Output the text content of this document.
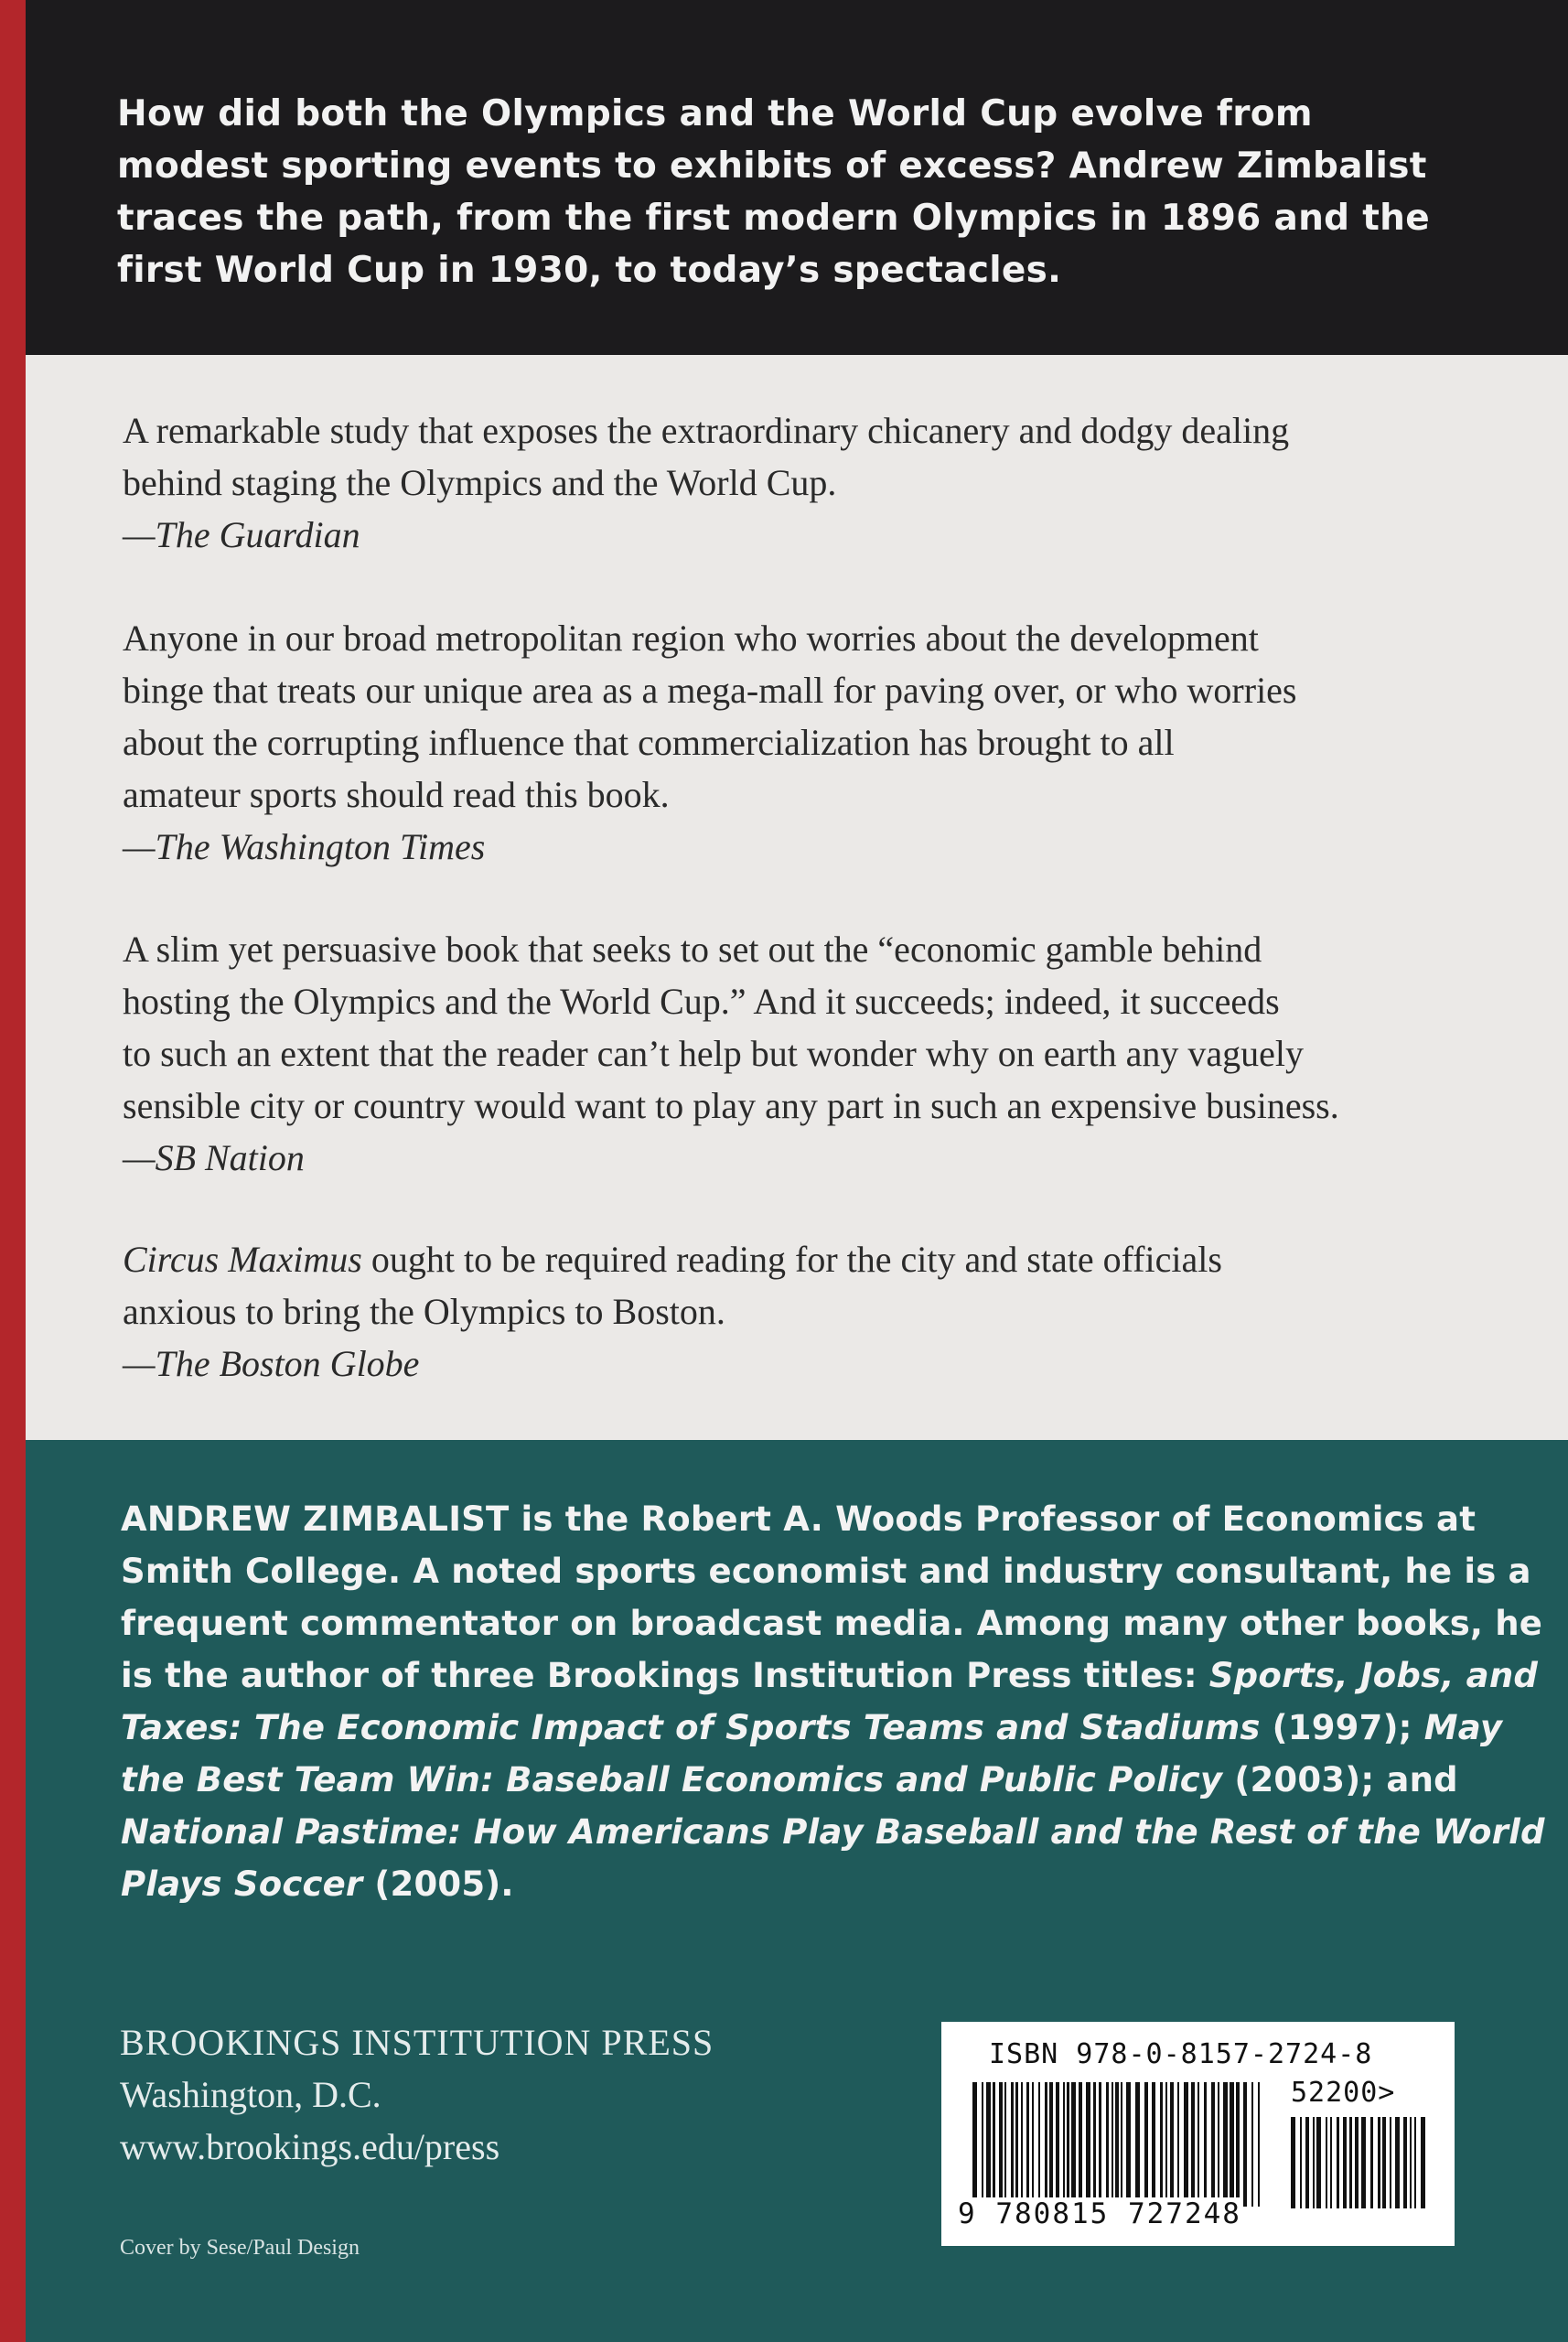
How did both the Olympics and the World Cup evolve from modest sporting events to exhibits of excess? Andrew Zimbalist traces the path, from the first modern Olympics in 1896 and the first World Cup in 1930, to today’s spectacles.

A remarkable study that exposes the extraordinary chicanery and dodgy dealing
behind staging the Olympics and the World Cup.
—The Guardian

Anyone in our broad metropolitan region who worries about the development
binge that treats our unique area as a mega-mall for paving over, or who worries
about the corrupting influence that commercialization has brought to all
amateur sports should read this book.
—The Washington Times

A slim yet persuasive book that seeks to set out the “economic gamble behind
hosting the Olympics and the World Cup.” And it succeeds; indeed, it succeeds
to such an extent that the reader can’t help but wonder why on earth any vaguely
sensible city or country would want to play any part in such an expensive business.
—SB Nation

Circus Maximus ought to be required reading for the city and state officials
anxious to bring the Olympics to Boston.
—The Boston Globe

ANDREW ZIMBALIST is the Robert A. Woods Professor of Economics at Smith College. A noted sports economist and industry consultant, he is a frequent commentator on broadcast media. Among many other books, he is the author of three Brookings Institution Press titles: Sports, Jobs, and Taxes: The Economic Impact of Sports Teams and Stadiums (1997); May the Best Team Win: Baseball Economics and Public Policy (2003); and National Pastime: How Americans Play Baseball and the Rest of the World Plays Soccer (2005).

BROOKINGS INSTITUTION PRESS
Washington, D.C.
www.brookings.edu/press

Cover by Sese/Paul Design

ISBN 978-0-8157-2724-8
52200>
9 780815 727248
